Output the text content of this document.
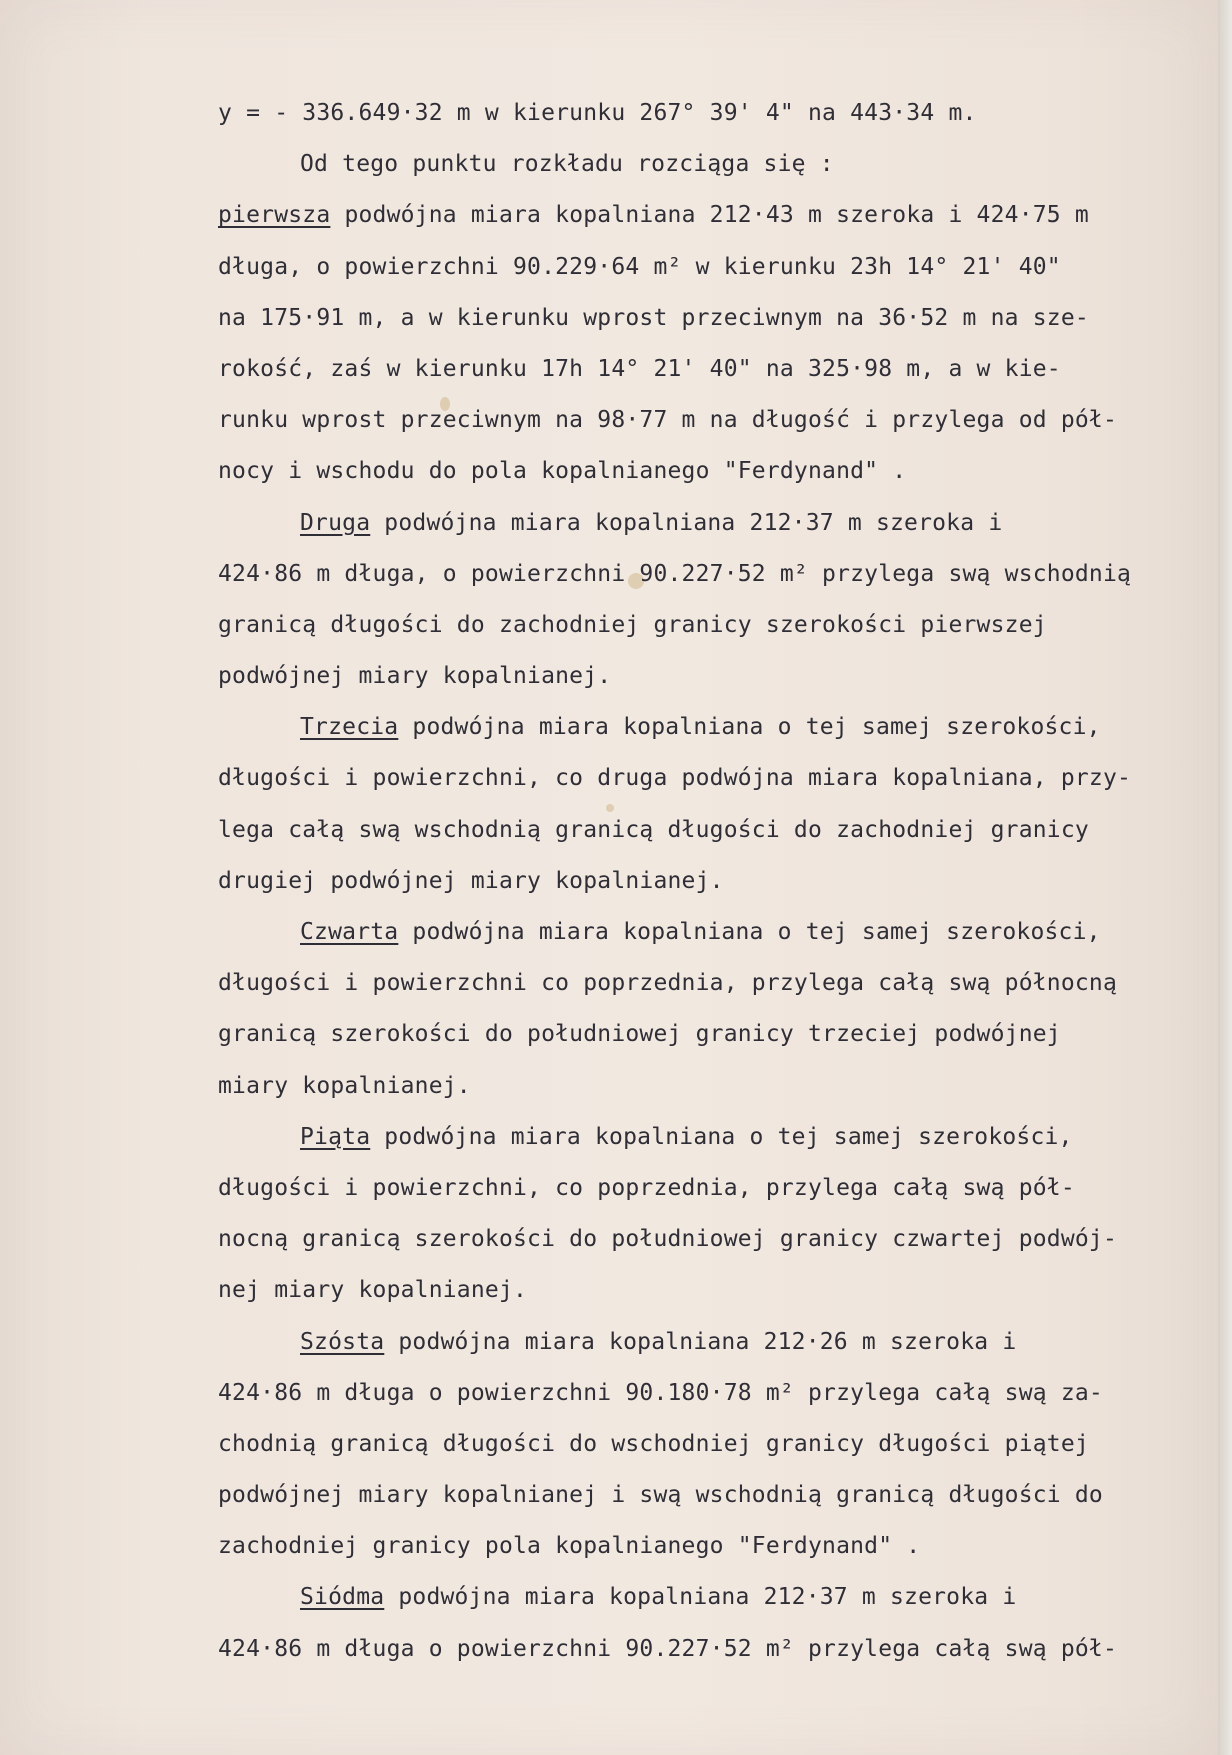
y = - 336.649·32 m w kierunku 267° 39' 4" na 443·34 m.
Od tego punktu rozkładu rozciąga się :
pierwsza podwójna miara kopalniana 212·43 m szeroka i 424·75 m
długa, o powierzchni 90.229·64 m² w kierunku 23h 14° 21' 40"
na 175·91 m, a w kierunku wprost przeciwnym na 36·52 m na sze-
rokość, zaś w kierunku 17h 14° 21' 40" na 325·98 m, a w kie-
runku wprost przeciwnym na 98·77 m na długość i przylega od pół-
nocy i wschodu do pola kopalnianego "Ferdynand" .
Druga podwójna miara kopalniana 212·37 m szeroka i
424·86 m długa, o powierzchni 90.227·52 m² przylega swą wschodnią
granicą długości do zachodniej granicy szerokości pierwszej
podwójnej miary kopalnianej.
Trzecia podwójna miara kopalniana o tej samej szerokości,
długości i powierzchni, co druga podwójna miara kopalniana, przy-
lega całą swą wschodnią granicą długości do zachodniej granicy
drugiej podwójnej miary kopalnianej.
Czwarta podwójna miara kopalniana o tej samej szerokości,
długości i powierzchni co poprzednia, przylega całą swą północną
granicą szerokości do południowej granicy trzeciej podwójnej
miary kopalnianej.
Piąta podwójna miara kopalniana o tej samej szerokości,
długości i powierzchni, co poprzednia, przylega całą swą pół-
nocną granicą szerokości do południowej granicy czwartej podwój-
nej miary kopalnianej.
Szósta podwójna miara kopalniana 212·26 m szeroka i
424·86 m długa o powierzchni 90.180·78 m² przylega całą swą za-
chodnią granicą długości do wschodniej granicy długości piątej
podwójnej miary kopalnianej i swą wschodnią granicą długości do
zachodniej granicy pola kopalnianego "Ferdynand" .
Siódma podwójna miara kopalniana 212·37 m szeroka i
424·86 m długa o powierzchni 90.227·52 m² przylega całą swą pół-
